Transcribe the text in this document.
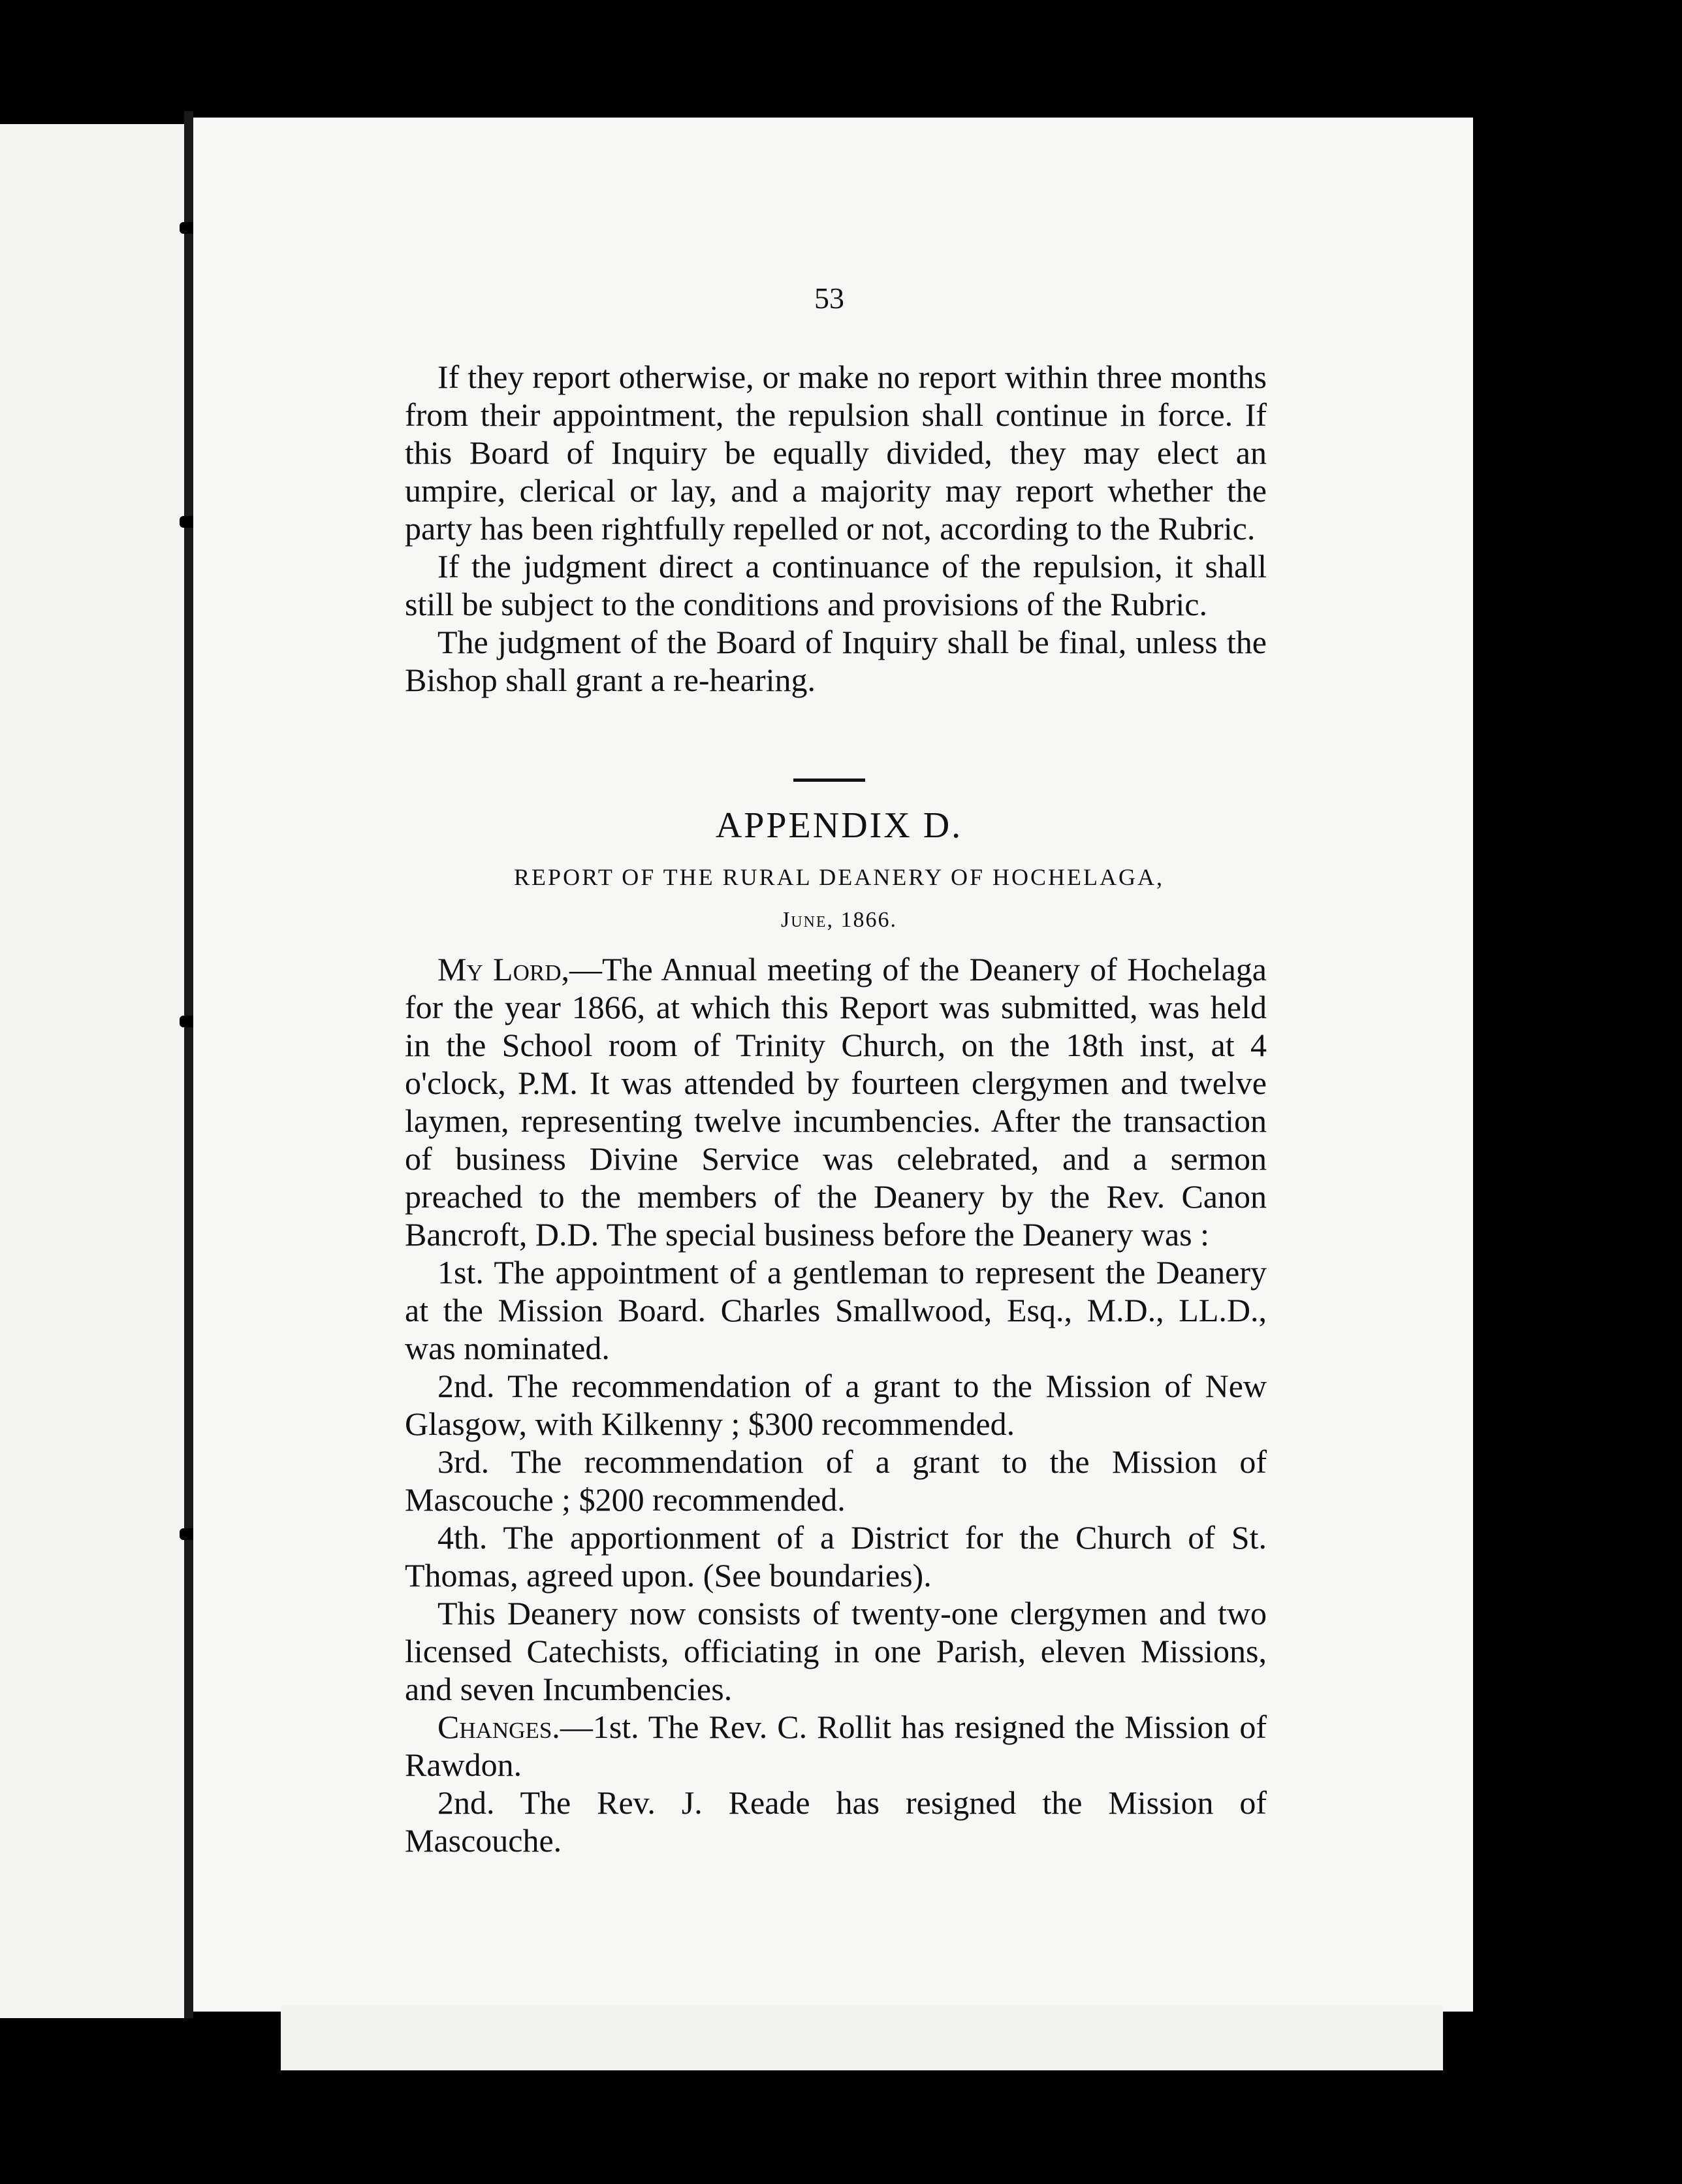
53

If they report otherwise, or make no report within three months from their appointment, the repulsion shall continue in force. If this Board of Inquiry be equally divided, they may elect an umpire, clerical or lay, and a majority may report whether the party has been rightfully repelled or not, according to the Rubric.

If the judgment direct a continuance of the repulsion, it shall still be subject to the conditions and provisions of the Rubric.

The judgment of the Board of Inquiry shall be final, unless the Bishop shall grant a re-hearing.

APPENDIX D.
REPORT OF THE RURAL DEANERY OF HOCHELAGA,
June, 1866.

My Lord,—The Annual meeting of the Deanery of Hochelaga for the year 1866, at which this Report was submitted, was held in the School room of Trinity Church, on the 18th inst, at 4 o'clock, P.M. It was attended by fourteen clergymen and twelve laymen, representing twelve incumbencies. After the transaction of business Divine Service was celebrated, and a sermon preached to the members of the Deanery by the Rev. Canon Bancroft, D.D. The special business before the Deanery was :

1st. The appointment of a gentleman to represent the Deanery at the Mission Board. Charles Smallwood, Esq., M.D., LL.D., was nominated.

2nd. The recommendation of a grant to the Mission of New Glasgow, with Kilkenny ; $300 recommended.

3rd. The recommendation of a grant to the Mission of Mascouche ; $200 recommended.

4th. The apportionment of a District for the Church of St. Thomas, agreed upon. (See boundaries).

This Deanery now consists of twenty-one clergymen and two licensed Catechists, officiating in one Parish, eleven Missions, and seven Incumbencies.

Changes.—1st. The Rev. C. Rollit has resigned the Mission of Rawdon.

2nd. The Rev. J. Reade has resigned the Mission of Mascouche.
